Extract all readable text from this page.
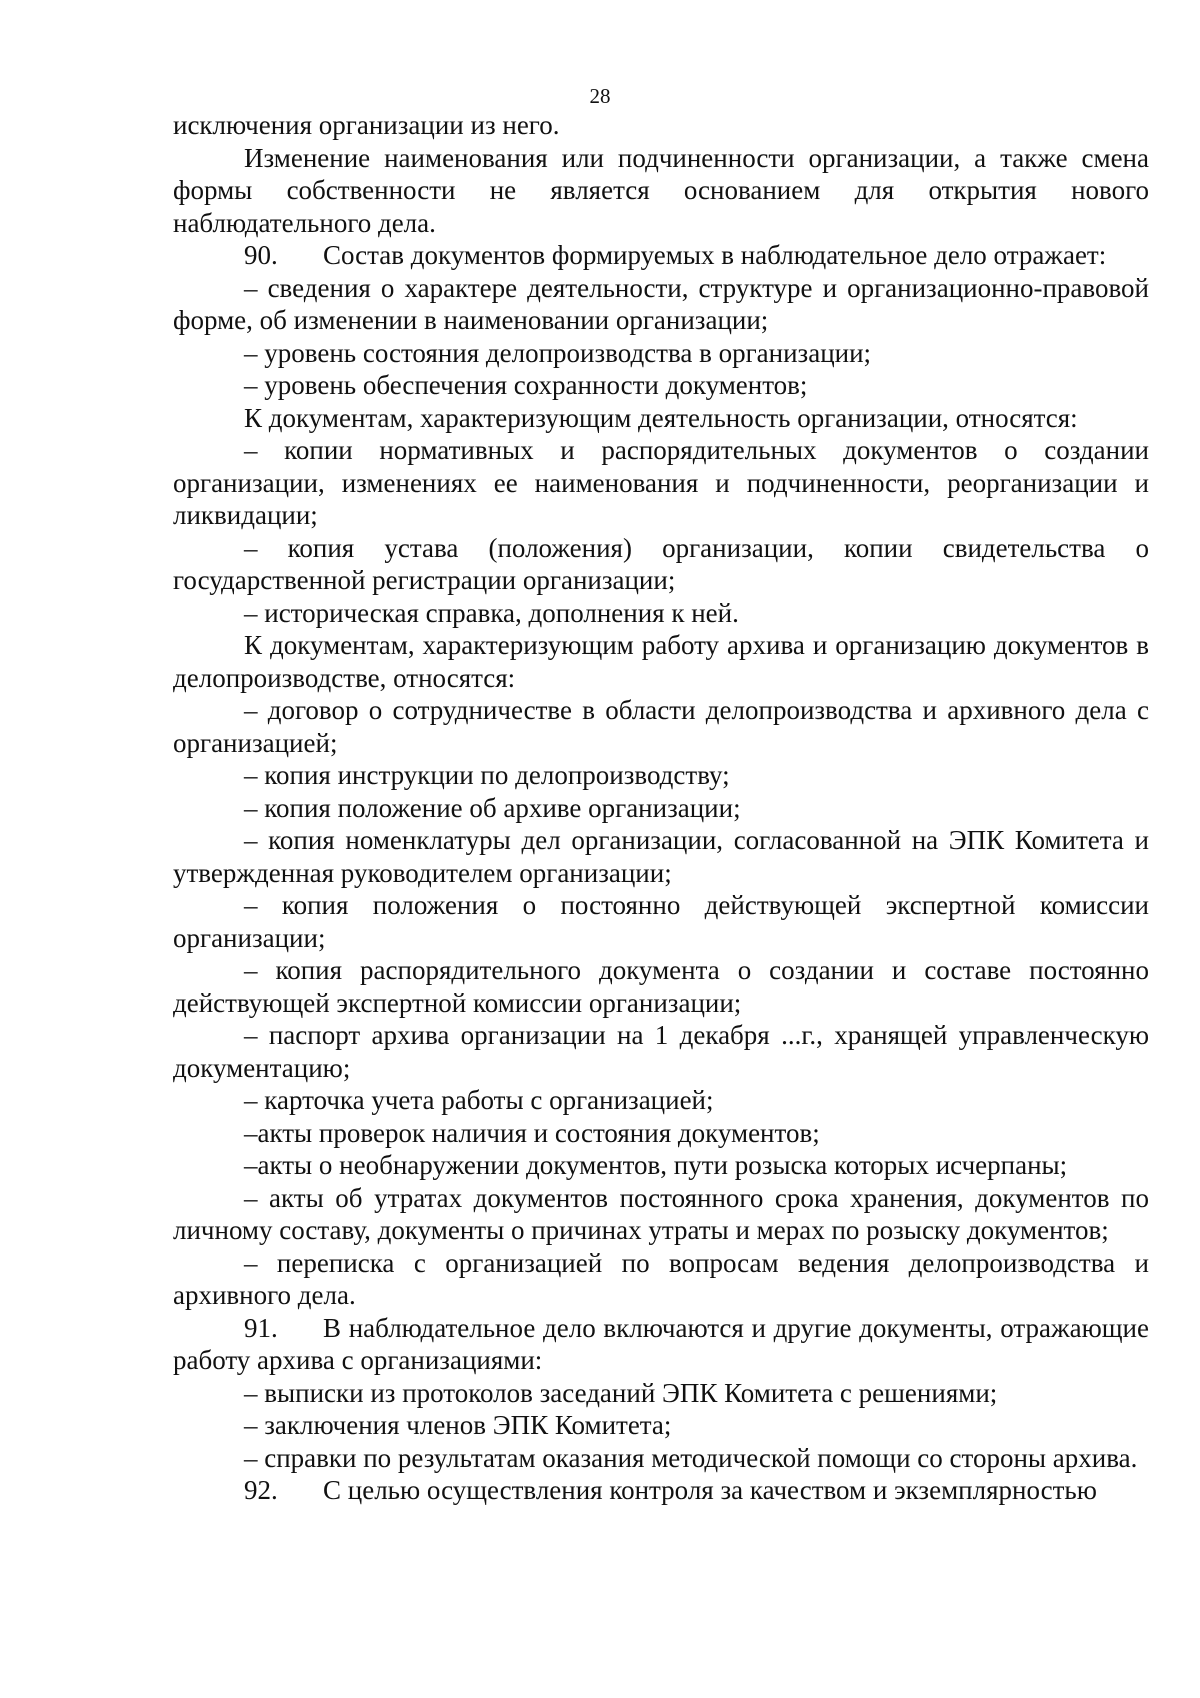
28

исключения организации из него.

Изменение наименования или подчиненности организации, а также смена формы собственности не является основанием для открытия нового наблюдательного дела.

90. Состав документов формируемых в наблюдательное дело отражает:

– сведения о характере деятельности, структуре и организационно-правовой форме, об изменении в наименовании организации;

– уровень состояния делопроизводства в организации;

– уровень обеспечения сохранности документов;

К документам, характеризующим деятельность организации, относятся:

– копии нормативных и распорядительных документов о создании организации, изменениях ее наименования и подчиненности, реорганизации и ликвидации;

– копия устава (положения) организации, копии свидетельства о государственной регистрации организации;

– историческая справка, дополнения к ней.

К документам, характеризующим работу архива и организацию документов в делопроизводстве, относятся:

– договор о сотрудничестве в области делопроизводства и архивного дела с организацией;

– копия инструкции по делопроизводству;

– копия положение об архиве организации;

– копия номенклатуры дел организации, согласованной на ЭПК Комитета и утвержденная руководителем организации;

– копия положения о постоянно действующей экспертной комиссии организации;

– копия распорядительного документа о создании и составе постоянно действующей экспертной комиссии организации;

– паспорт архива организации на 1 декабря ...г., хранящей управленческую документацию;

– карточка учета работы с организацией;

–акты проверок наличия и состояния документов;

–акты о необнаружении документов, пути розыска которых исчерпаны;

– акты об утратах документов постоянного срока хранения, документов по личному составу, документы о причинах утраты и мерах по розыску документов;

– переписка с организацией по вопросам ведения делопроизводства и архивного дела.

91. В наблюдательное дело включаются и другие документы, отражающие работу архива с организациями:

– выписки из протоколов заседаний ЭПК Комитета с решениями;

– заключения членов ЭПК Комитета;

– справки по результатам оказания методической помощи со стороны архива.

92. С целью осуществления контроля за качеством и экземплярностью
